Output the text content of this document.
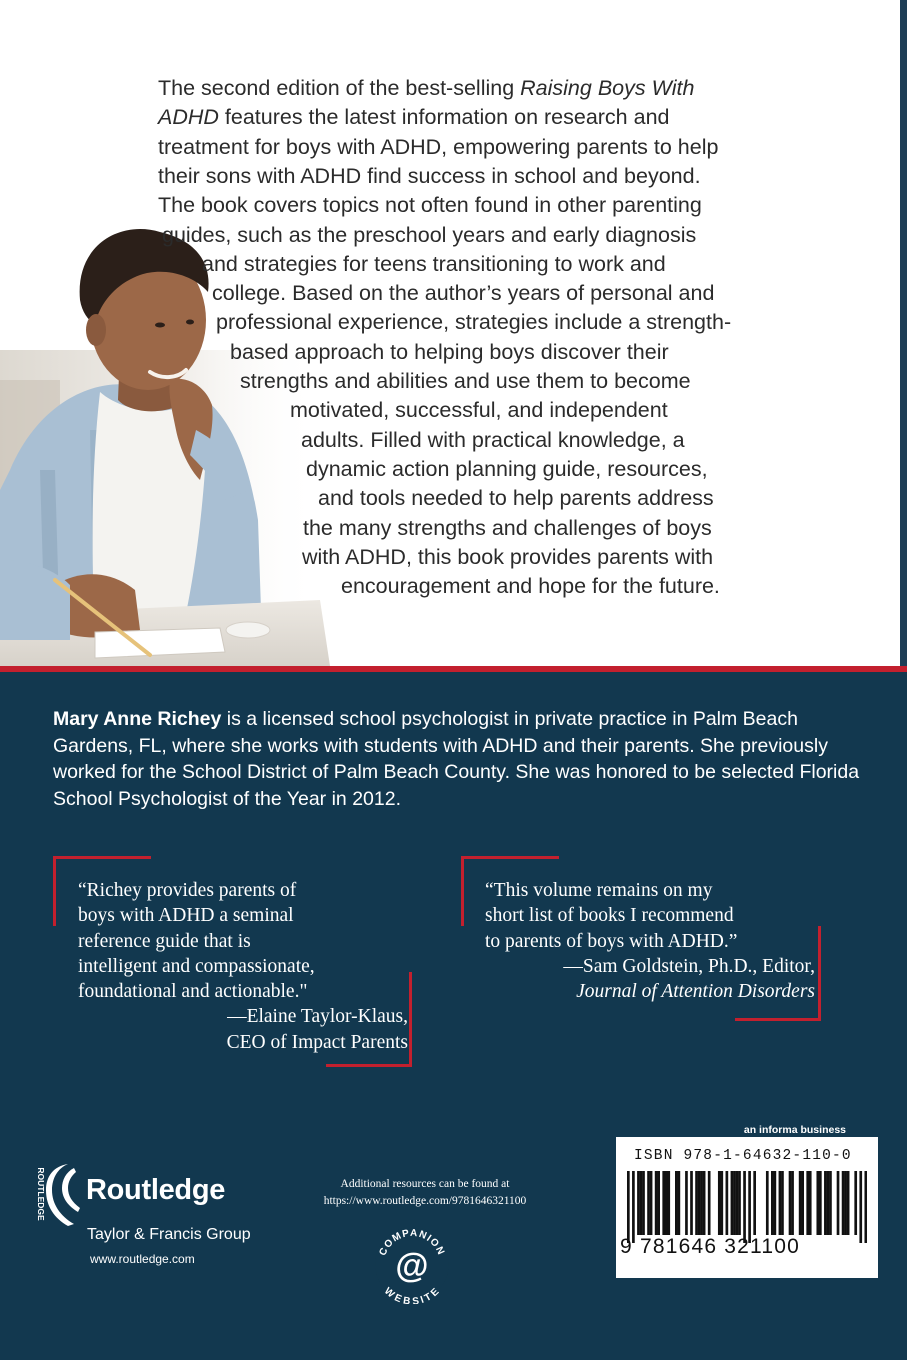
The second edition of the best-selling Raising Boys With
ADHD features the latest information on research and
treatment for boys with ADHD, empowering parents to help
their sons with ADHD find success in school and beyond.
The book covers topics not often found in other parenting
guides, such as the preschool years and early diagnosis
and strategies for teens transitioning to work and
college. Based on the author’s years of personal and
professional experience, strategies include a strength-
based approach to helping boys discover their
strengths and abilities and use them to become
motivated, successful, and independent
adults. Filled with practical knowledge, a
dynamic action planning guide, resources,
and tools needed to help parents address
the many strengths and challenges of boys
with ADHD, this book provides parents with
encouragement and hope for the future.

Mary Anne Richey is a licensed school psychologist in private practice in Palm Beach Gardens, FL, where she works with students with ADHD and their parents. She previously worked for the School District of Palm Beach County. She was honored to be selected Florida School Psychologist of the Year in 2012.

“Richey provides parents of
boys with ADHD a seminal
reference guide that is
intelligent and compassionate,
foundational and actionable."
—Elaine Taylor-Klaus,
CEO of Impact Parents
“This volume remains on my
short list of books I recommend
to parents of boys with ADHD.”
—Sam Goldstein, Ph.D., Editor,
Journal of Attention Disorders
an informa business
ISBN 978-1-64632-110-0
9 781646 321100
ROUTLEDGE Routledge
Taylor & Francis Group
www.routledge.com
Additional resources can be found at
https://www.routledge.com/9781646321100
COMPANION
WEBSITE
@
